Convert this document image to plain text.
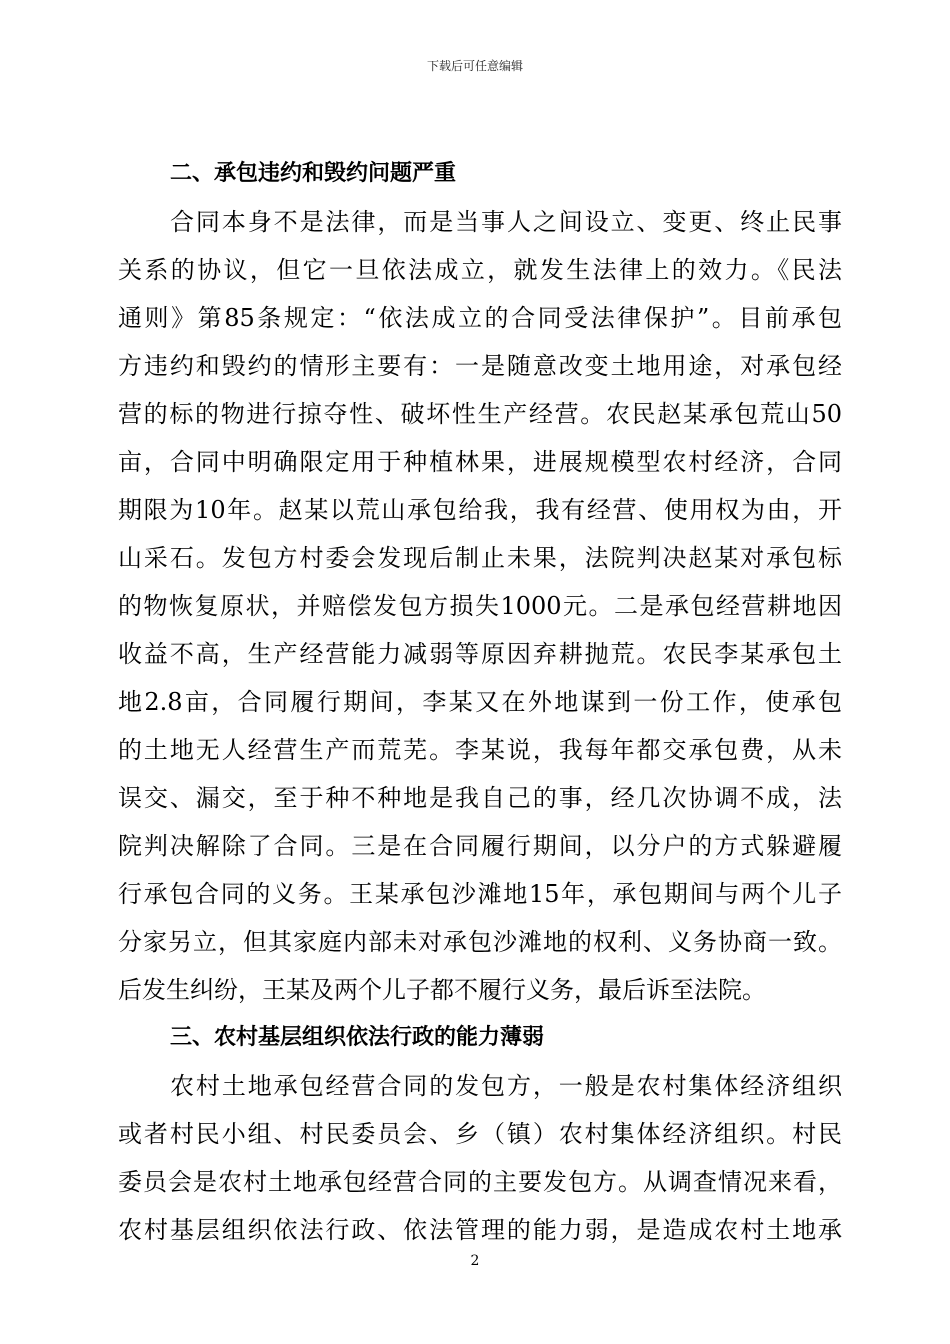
下载后可任意编辑
二、承包违约和毁约问题严重
合同本身不是法律，而是当事人之间设立、变更、终止民事
关系的协议，但它一旦依法成立，就发生法律上的效力。《民法
通则》第85条规定：“依法成立的合同受法律保护”。目前承包
方违约和毁约的情形主要有：一是随意改变土地用途，对承包经
营的标的物进行掠夺性、破坏性生产经营。农民赵某承包荒山50
亩，合同中明确限定用于种植林果，进展规模型农村经济，合同
期限为10年。赵某以荒山承包给我，我有经营、使用权为由，开
山采石。发包方村委会发现后制止未果，法院判决赵某对承包标
的物恢复原状，并赔偿发包方损失1000元。二是承包经营耕地因
收益不高，生产经营能力减弱等原因弃耕抛荒。农民李某承包土
地2.8亩，合同履行期间，李某又在外地谋到一份工作，使承包
的土地无人经营生产而荒芜。李某说，我每年都交承包费，从未
误交、漏交，至于种不种地是我自己的事，经几次协调不成，法
院判决解除了合同。三是在合同履行期间，以分户的方式躲避履
行承包合同的义务。王某承包沙滩地15年，承包期间与两个儿子
分家另立，但其家庭内部未对承包沙滩地的权利、义务协商一致。
后发生纠纷，王某及两个儿子都不履行义务，最后诉至法院。
三、农村基层组织依法行政的能力薄弱
农村土地承包经营合同的发包方，一般是农村集体经济组织
或者村民小组、村民委员会、乡（镇）农村集体经济组织。村民
委员会是农村土地承包经营合同的主要发包方。从调查情况来看，
农村基层组织依法行政、依法管理的能力弱，是造成农村土地承
2
